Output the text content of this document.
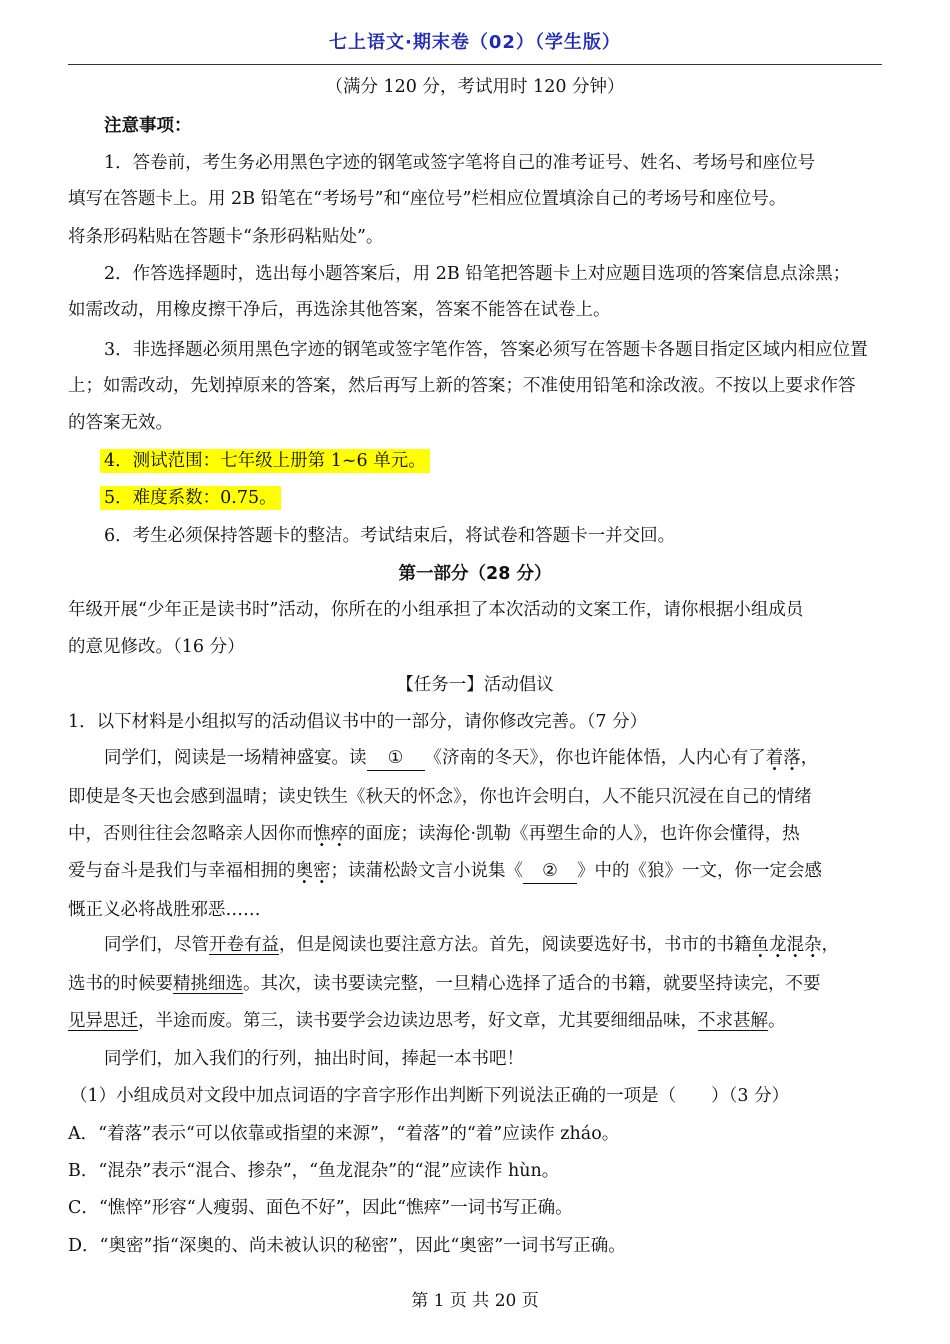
七上语文·期末卷（02）（学生版）
（满分 120 分，考试用时 120 分钟）
注意事项：
1．答卷前，考生务必用黑色字迹的钢笔或签字笔将自己的准考证号、姓名、考场号和座位号
填写在答题卡上。用 2B 铅笔在“考场号”和“座位号”栏相应位置填涂自己的考场号和座位号。
将条形码粘贴在答题卡“条形码粘贴处”。
2．作答选择题时，选出每小题答案后，用 2B 铅笔把答题卡上对应题目选项的答案信息点涂黑；
如需改动，用橡皮擦干净后，再选涂其他答案，答案不能答在试卷上。
3．非选择题必须用黑色字迹的钢笔或签字笔作答，答案必须写在答题卡各题目指定区域内相应位置
上；如需改动，先划掉原来的答案，然后再写上新的答案；不准使用铅笔和涂改液。不按以上要求作答
的答案无效。
4．测试范围：七年级上册第 1~6 单元。
5．难度系数：0.75。
6．考生必须保持答题卡的整洁。考试结束后，将试卷和答题卡一并交回。
第一部分（28 分）
年级开展“少年正是读书时”活动，你所在的小组承担了本次活动的文案工作，请你根据小组成员
的意见修改。（16 分）
【任务一】活动倡议
1．以下材料是小组拟写的活动倡议书中的一部分，请你修改完善。（7 分）
同学们，阅读是一场精神盛宴。读 ① 《济南的冬天》，你也许能体悟，人内心有了着落，
即使是冬天也会感到温晴；读史铁生《秋天的怀念》，你也许会明白，人不能只沉浸在自己的情绪
中，否则往往会忽略亲人因你而憔瘁的面庞；读海伦·凯勒《再塑生命的人》，也许你会懂得，热
爱与奋斗是我们与幸福相拥的奥密；读蒲松龄文言小说集《 ② 》中的《狼》一文，你一定会感
慨正义必将战胜邪恶……
同学们，尽管开卷有益，但是阅读也要注意方法。首先，阅读要选好书，书市的书籍鱼龙混杂，
选书的时候要精挑细选。其次，读书要读完整，一旦精心选择了适合的书籍，就要坚持读完，不要
见异思迁，半途而废。第三，读书要学会边读边思考，好文章，尤其要细细品味，不求甚解。
同学们，加入我们的行列，抽出时间，捧起一本书吧！
（1）小组成员对文段中加点词语的字音字形作出判断下列说法正确的一项是（　　）（3 分）
A．“着落”表示“可以依靠或指望的来源”，“着落”的“着”应读作 zháo。
B．“混杂”表示“混合、掺杂”，“鱼龙混杂”的“混”应读作 hùn。
C．“憔悴”形容“人瘦弱、面色不好”，因此“憔瘁”一词书写正确。
D．“奥密”指“深奥的、尚未被认识的秘密”，因此“奥密”一词书写正确。
第 1 页 共 20 页
